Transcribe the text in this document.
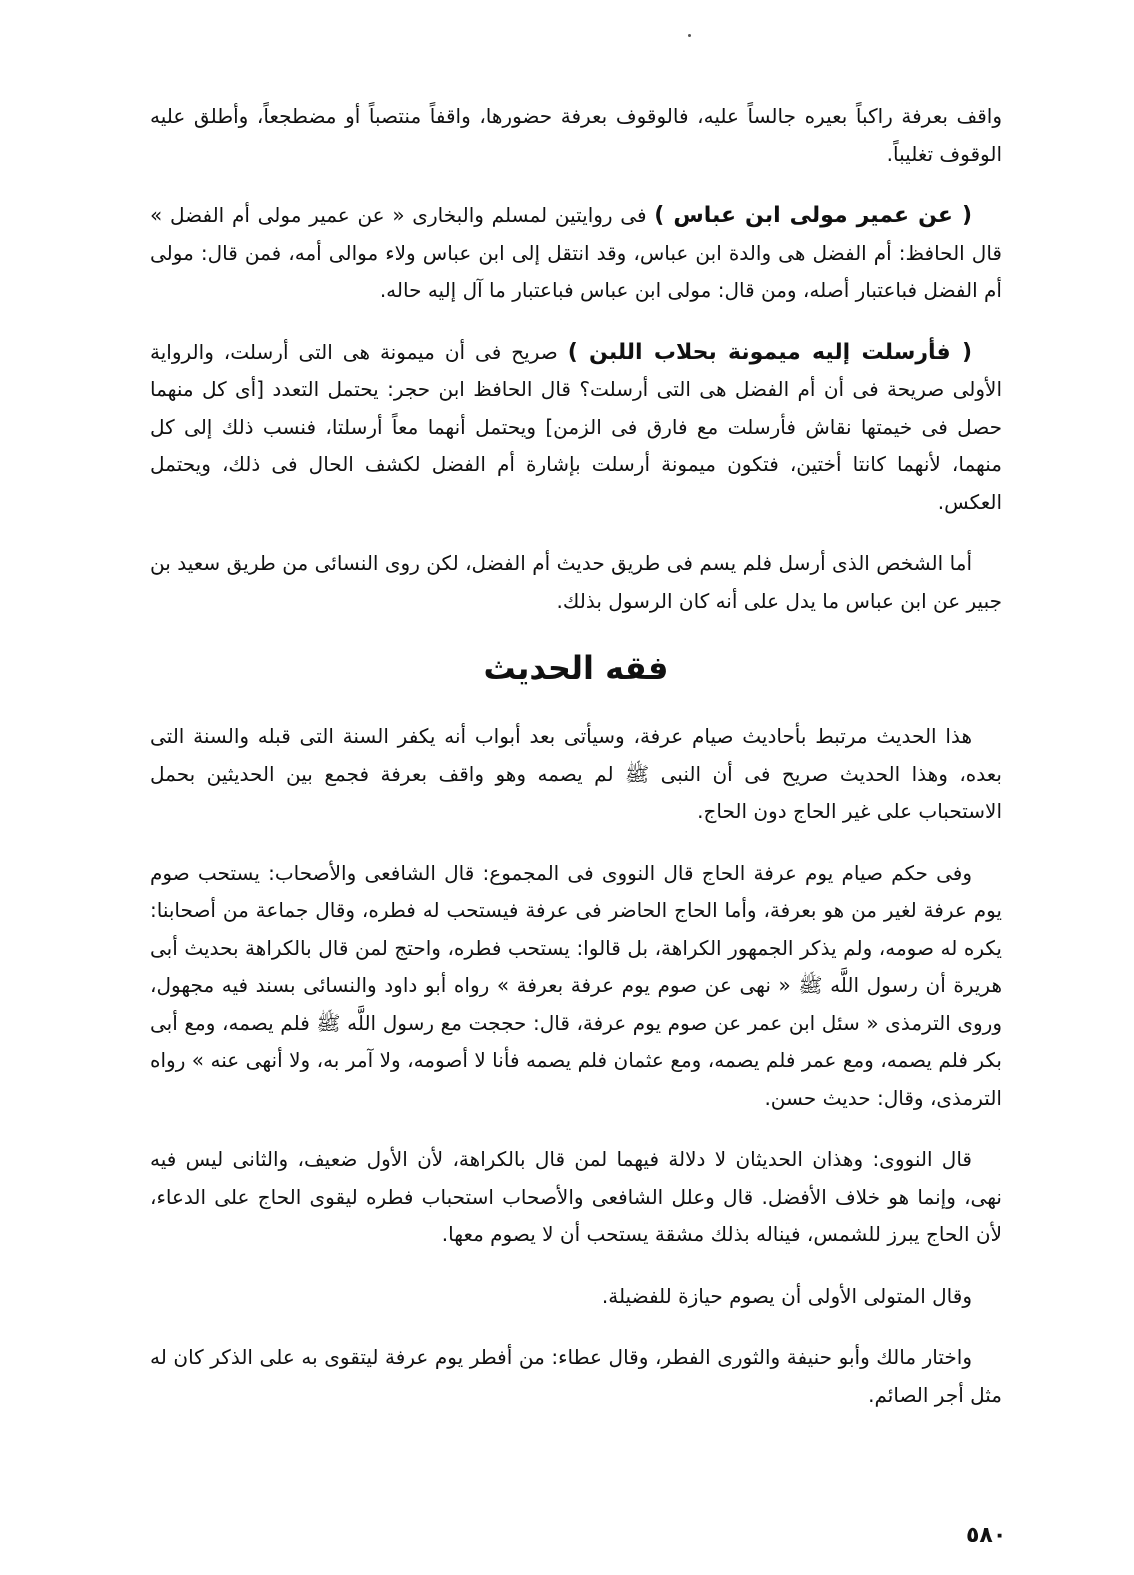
واقف بعرفة راكباً بعيره جالساً عليه، فالوقوف بعرفة حضورها، واقفاً منتصباً أو مضطجعاً، وأطلق عليه الوقوف تغليباً.

( عن عمير مولى ابن عباس ) فى روايتين لمسلم والبخارى « عن عمير مولى أم الفضل » قال الحافظ: أم الفضل هى والدة ابن عباس، وقد انتقل إلى ابن عباس ولاء موالى أمه، فمن قال: مولى أم الفضل فباعتبار أصله، ومن قال: مولى ابن عباس فباعتبار ما آل إليه حاله.

( فأرسلت إليه ميمونة بحلاب اللبن ) صريح فى أن ميمونة هى التى أرسلت، والرواية الأولى صريحة فى أن أم الفضل هى التى أرسلت؟ قال الحافظ ابن حجر: يحتمل التعدد [أى كل منهما حصل فى خيمتها نقاش فأرسلت مع فارق فى الزمن] ويحتمل أنهما معاً أرسلتا، فنسب ذلك إلى كل منهما، لأنهما كانتا أختين، فتكون ميمونة أرسلت بإشارة أم الفضل لكشف الحال فى ذلك، ويحتمل العكس.

أما الشخص الذى أرسل فلم يسم فى طريق حديث أم الفضل، لكن روى النسائى من طريق سعيد بن جبير عن ابن عباس ما يدل على أنه كان الرسول بذلك.

فقه الحديث

هذا الحديث مرتبط بأحاديث صيام عرفة، وسيأتى بعد أبواب أنه يكفر السنة التى قبله والسنة التى بعده، وهذا الحديث صريح فى أن النبى ﷺ لم يصمه وهو واقف بعرفة فجمع بين الحديثين بحمل الاستحباب على غير الحاج دون الحاج.

وفى حكم صيام يوم عرفة الحاج قال النووى فى المجموع: قال الشافعى والأصحاب: يستحب صوم يوم عرفة لغير من هو بعرفة، وأما الحاج الحاضر فى عرفة فيستحب له فطره، وقال جماعة من أصحابنا: يكره له صومه، ولم يذكر الجمهور الكراهة، بل قالوا: يستحب فطره، واحتج لمن قال بالكراهة بحديث أبى هريرة أن رسول اللَّه ﷺ « نهى عن صوم يوم عرفة بعرفة » رواه أبو داود والنسائى بسند فيه مجهول، وروى الترمذى « سئل ابن عمر عن صوم يوم عرفة، قال: حججت مع رسول اللَّه ﷺ فلم يصمه، ومع أبى بكر فلم يصمه، ومع عمر فلم يصمه، ومع عثمان فلم يصمه فأنا لا أصومه، ولا آمر به، ولا أنهى عنه » رواه الترمذى، وقال: حديث حسن.

قال النووى: وهذان الحديثان لا دلالة فيهما لمن قال بالكراهة، لأن الأول ضعيف، والثانى ليس فيه نهى، وإنما هو خلاف الأفضل. قال وعلل الشافعى والأصحاب استحباب فطره ليقوى الحاج على الدعاء، لأن الحاج يبرز للشمس، فيناله بذلك مشقة يستحب أن لا يصوم معها.

وقال المتولى الأولى أن يصوم حيازة للفضيلة.

واختار مالك وأبو حنيفة والثورى الفطر، وقال عطاء: من أفطر يوم عرفة ليتقوى به على الذكر كان له مثل أجر الصائم.

٥٨٠
